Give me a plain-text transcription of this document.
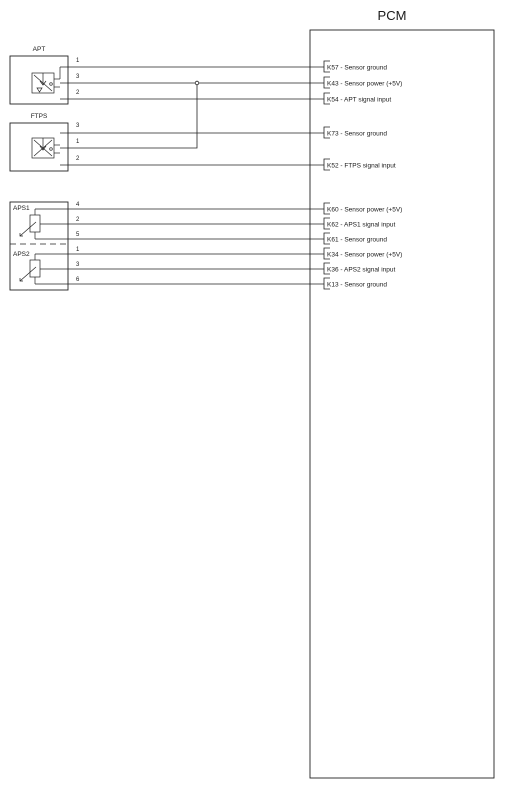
PCM
APT
FTPS
APS1
APS2
1
3
2
3
1
2
4
2
5
1
3
6
K57 - Sensor ground
K43 - Sensor power (+5V)
K54 - APT signal input
K73 - Sensor ground
K52 - FTPS signal input
K60 - Sensor power (+5V)
K62 - APS1 signal input
K61 - Sensor ground
K34 - Sensor power (+5V)
K36 - APS2 signal input
K13 - Sensor ground
